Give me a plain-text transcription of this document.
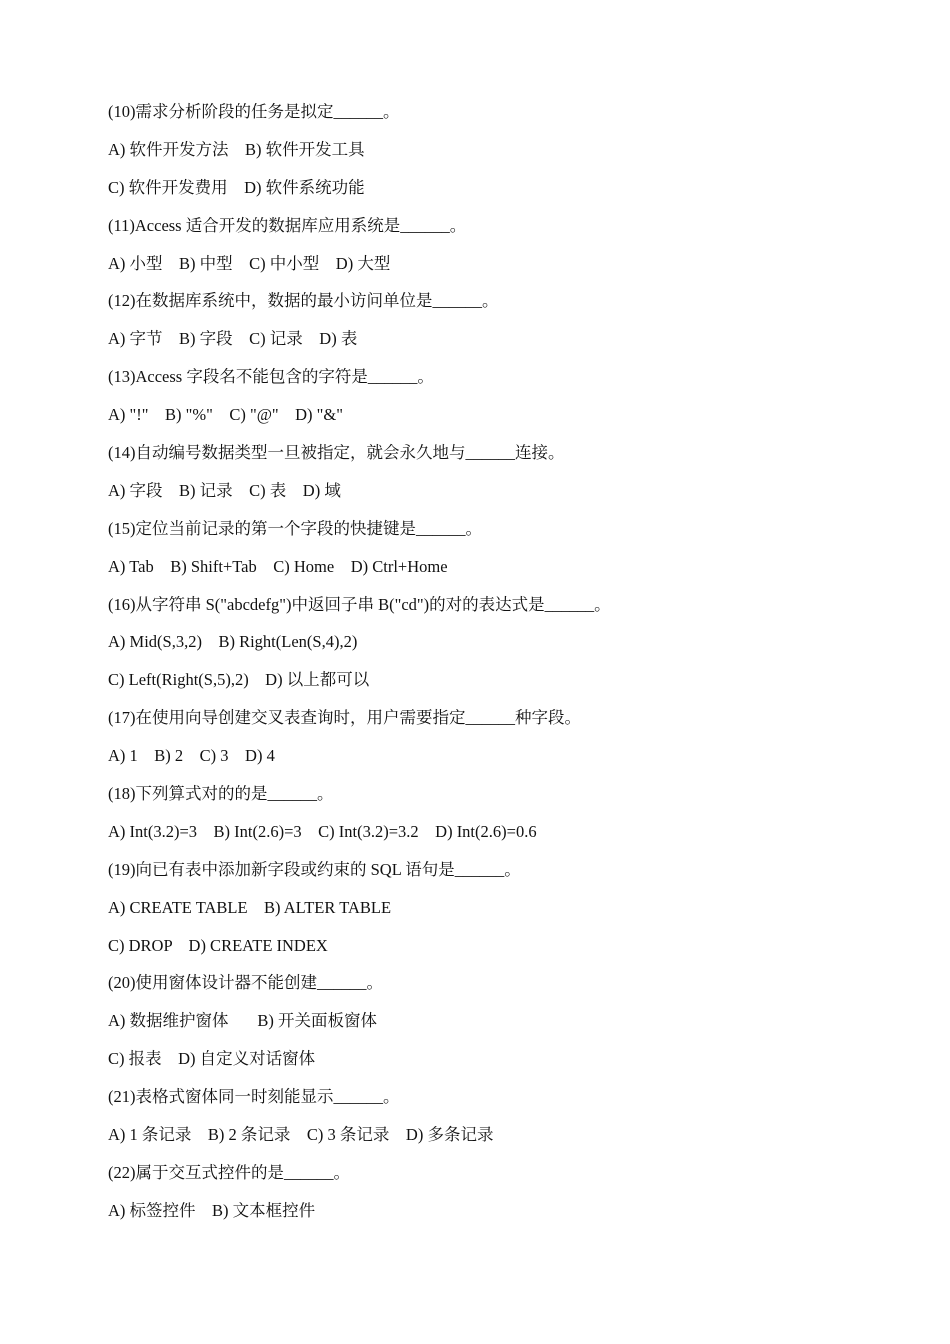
(10)需求分析阶段的任务是拟定______。
A) 软件开发方法    B) 软件开发工具
C) 软件开发费用    D) 软件系统功能
(11)Access 适合开发的数据库应用系统是______。
A) 小型    B) 中型    C) 中小型    D) 大型
(12)在数据库系统中，数据的最小访问单位是______。
A) 字节    B) 字段    C) 记录    D) 表
(13)Access 字段名不能包含的字符是______。
A) "!"    B) "%"    C) "@"    D) "&"
(14)自动编号数据类型一旦被指定，就会永久地与______连接。
A) 字段    B) 记录    C) 表    D) 域
(15)定位当前记录的第一个字段的快捷键是______。
A) Tab    B) Shift+Tab    C) Home    D) Ctrl+Home
(16)从字符串 S("abcdefg")中返回子串 B("cd")的对的表达式是______。
A) Mid(S,3,2)    B) Right(Len(S,4),2)
C) Left(Right(S,5),2)    D) 以上都可以
(17)在使用向导创建交叉表查询时，用户需要指定______种字段。
A) 1    B) 2    C) 3    D) 4
(18)下列算式对的的是______。
A) Int(3.2)=3    B) Int(2.6)=3    C) Int(3.2)=3.2    D) Int(2.6)=0.6
(19)向已有表中添加新字段或约束的 SQL 语句是______。
A) CREATE TABLE    B) ALTER TABLE
C) DROP    D) CREATE INDEX
(20)使用窗体设计器不能创建______。
A) 数据维护窗体       B) 开关面板窗体
C) 报表    D) 自定义对话窗体
(21)表格式窗体同一时刻能显示______。
A) 1 条记录    B) 2 条记录    C) 3 条记录    D) 多条记录
(22)属于交互式控件的是______。
A) 标签控件    B) 文本框控件
